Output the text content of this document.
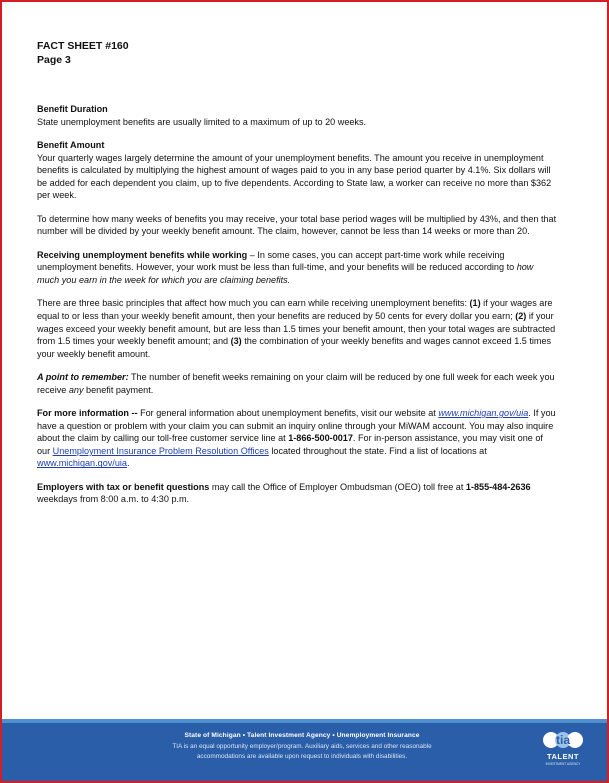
FACT SHEET #160
Page 3

Benefit Duration
State unemployment benefits are usually limited to a maximum of up to 20 weeks.

Benefit Amount
Your quarterly wages largely determine the amount of your unemployment benefits. The amount you receive in unemployment benefits is calculated by multiplying the highest amount of wages paid to you in any base period quarter by 4.1%. Six dollars will be added for each dependent you claim, up to five dependents. According to State law, a worker can receive no more than $362 per week.

To determine how many weeks of benefits you may receive, your total base period wages will be multiplied by 43%, and then that number will be divided by your weekly benefit amount. The claim, however, cannot be less than 14 weeks or more than 20.

Receiving unemployment benefits while working – In some cases, you can accept part-time work while receiving unemployment benefits. However, your work must be less than full-time, and your benefits will be reduced according to how much you earn in the week for which you are claiming benefits.

There are three basic principles that affect how much you can earn while receiving unemployment benefits: (1) if your wages are equal to or less than your weekly benefit amount, then your benefits are reduced by 50 cents for every dollar you earn; (2) if your wages exceed your weekly benefit amount, but are less than 1.5 times your benefit amount, then your total wages are subtracted from 1.5 times your weekly benefit amount; and (3) the combination of your weekly benefits and wages cannot exceed 1.5 times your weekly benefit amount.

A point to remember: The number of benefit weeks remaining on your claim will be reduced by one full week for each week you receive any benefit payment.

For more information -- For general information about unemployment benefits, visit our website at www.michigan.gov/uia. If you have a question or problem with your claim you can submit an inquiry online through your MiWAM account. You may also inquire about the claim by calling our toll-free customer service line at 1-866-500-0017. For in-person assistance, you may visit one of our Unemployment Insurance Problem Resolution Offices located throughout the state. Find a list of locations at www.michigan.gov/uia.

Employers with tax or benefit questions may call the Office of Employer Ombudsman (OEO) toll free at 1-855-484-2636
weekdays from 8:00 a.m. to 4:30 p.m.

State of Michigan • Talent Investment Agency • Unemployment Insurance
TIA is an equal opportunity employer/program. Auxiliary aids, services and other reasonable
accommodations are available upon request to individuals with disabilities.
tia
TALENT
INVESTMENT AGENCY
